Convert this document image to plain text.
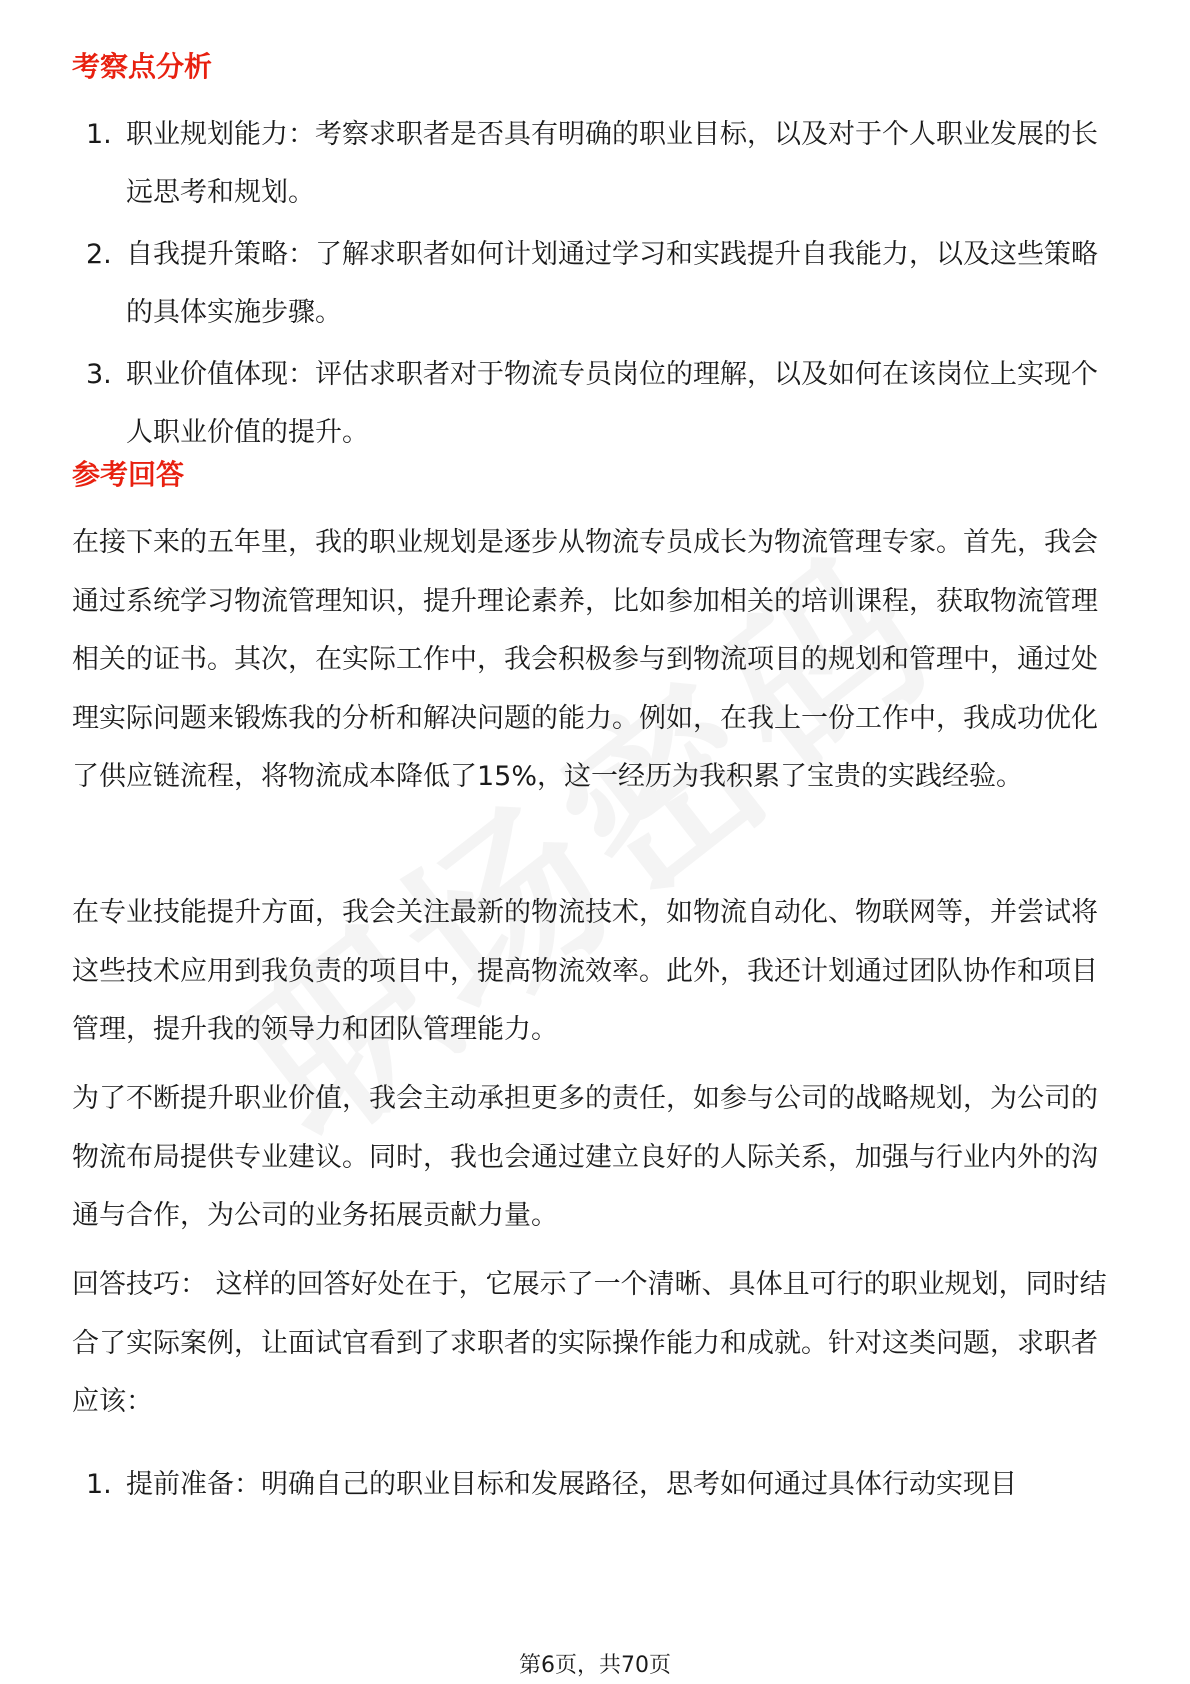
考察点分析
1. 职业规划能力：考察求职者是否具有明确的职业目标，以及对于个人职业发展的长远思考和规划。
2. 自我提升策略：了解求职者如何计划通过学习和实践提升自我能力，以及这些策略的具体实施步骤。
3. 职业价值体现：评估求职者对于物流专员岗位的理解，以及如何在该岗位上实现个人职业价值的提升。
参考回答

在接下来的五年里，我的职业规划是逐步从物流专员成长为物流管理专家。首先，我会通过系统学习物流管理知识，提升理论素养，比如参加相关的培训课程，获取物流管理相关的证书。其次，在实际工作中，我会积极参与到物流项目的规划和管理中，通过处理实际问题来锻炼我的分析和解决问题的能力。例如，在我上一份工作中，我成功优化了供应链流程，将物流成本降低了15%，这一经历为我积累了宝贵的实践经验。

在专业技能提升方面，我会关注最新的物流技术，如物流自动化、物联网等，并尝试将这些技术应用到我负责的项目中，提高物流效率。此外，我还计划通过团队协作和项目管理，提升我的领导力和团队管理能力。

为了不断提升职业价值，我会主动承担更多的责任，如参与公司的战略规划，为公司的物流布局提供专业建议。同时，我也会通过建立良好的人际关系，加强与行业内外的沟通与合作，为公司的业务拓展贡献力量。

回答技巧： 这样的回答好处在于，它展示了一个清晰、具体且可行的职业规划，同时结合了实际案例，让面试官看到了求职者的实际操作能力和成就。针对这类问题，求职者应该：

1. 提前准备：明确自己的职业目标和发展路径，思考如何通过具体行动实现目
第6页，共70页
